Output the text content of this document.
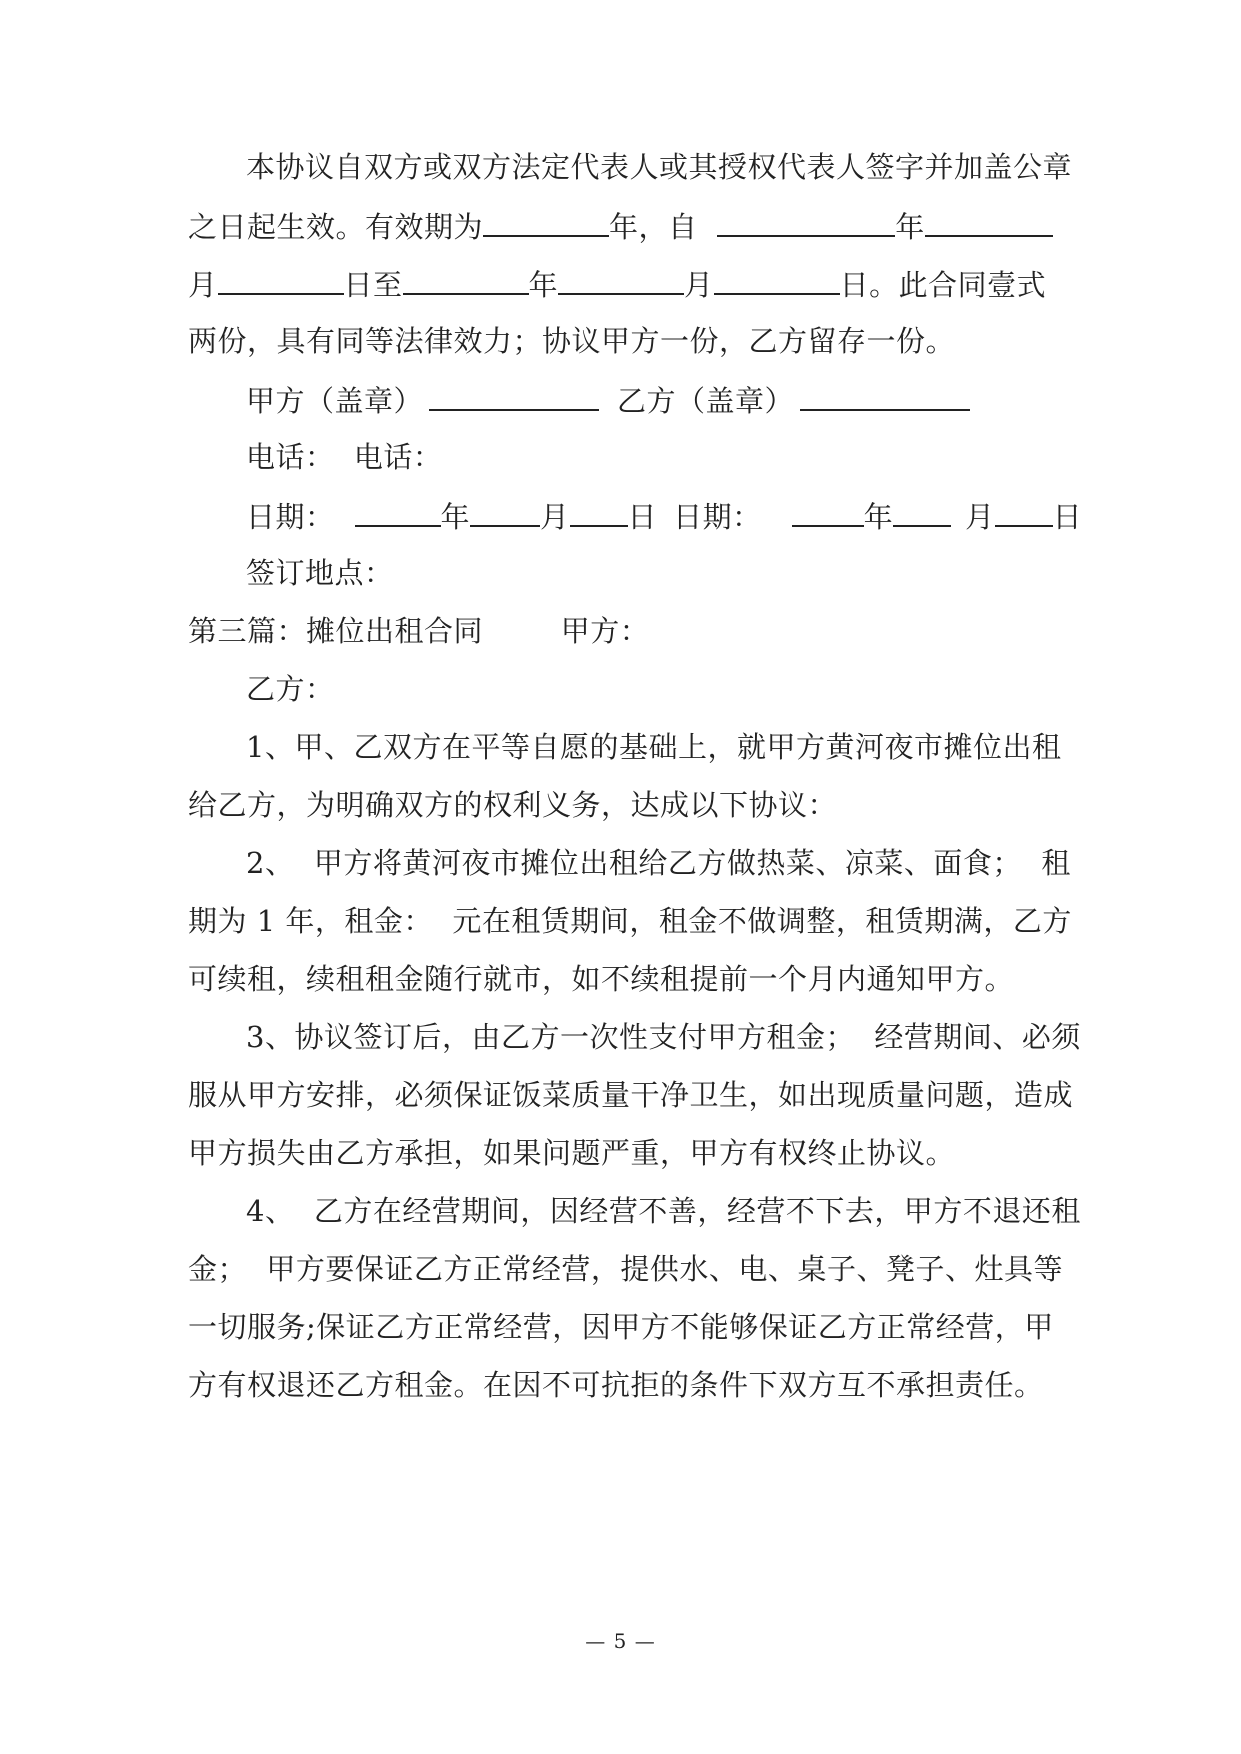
本协议自双方或双方法定代表人或其授权代表人签字并加盖公章
之日起生效。有效期为	年，自	年
月	日至	年	月	日。此合同壹式
两份，具有同等法律效力；协议甲方一份，乙方留存一份。
甲方（盖章）	乙方（盖章）
电话：  电话：
日期：	年 月 日 日期：	年 月 日
签订地点：
第三篇：摊位出租合同        甲方：
乙方：
1、甲、乙双方在平等自愿的基础上，就甲方黄河夜市摊位出租
给乙方，为明确双方的权利义务，达成以下协议：
2、  甲方将黄河夜市摊位出租给乙方做热菜、凉菜、面食；  租
期为 1 年，租金：  元在租赁期间，租金不做调整，租赁期满，乙方
可续租，续租租金随行就市，如不续租提前一个月内通知甲方。
3、协议签订后，由乙方一次性支付甲方租金；  经营期间、必须
服从甲方安排，必须保证饭菜质量干净卫生，如出现质量问题，造成
甲方损失由乙方承担，如果问题严重，甲方有权终止协议。
4、  乙方在经营期间，因经营不善，经营不下去，甲方不退还租
金；  甲方要保证乙方正常经营，提供水、电、桌子、凳子、灶具等
一切服务;保证乙方正常经营，因甲方不能够保证乙方正常经营，甲
方有权退还乙方租金。在因不可抗拒的条件下双方互不承担责任。
— 5 —
